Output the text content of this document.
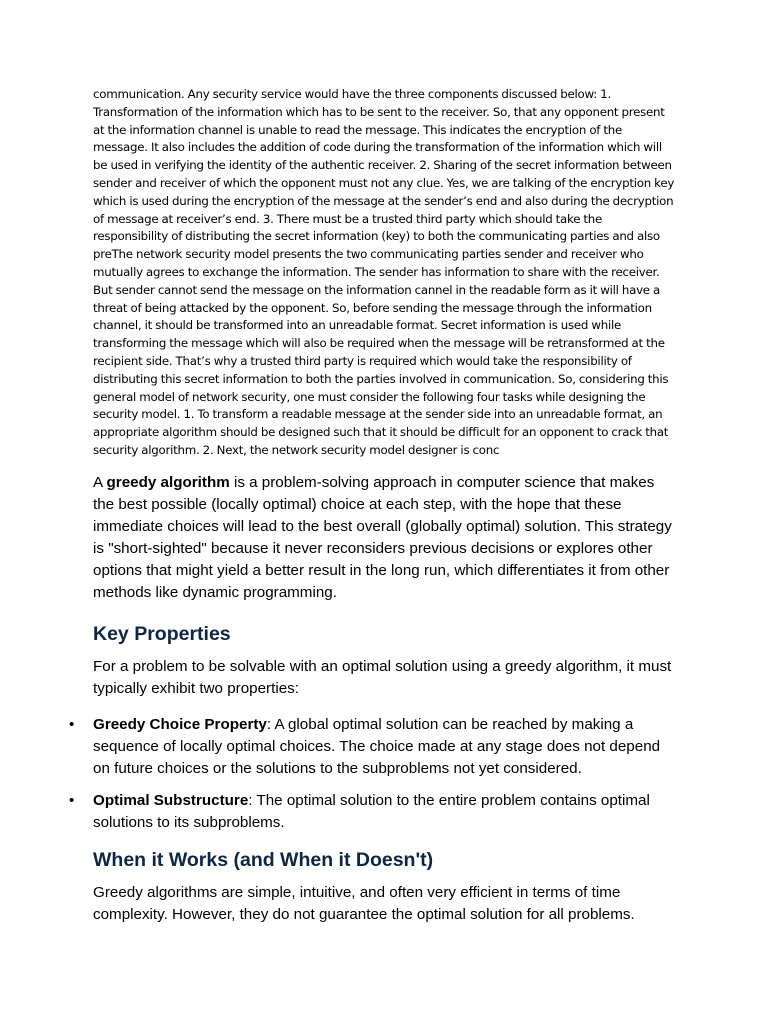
communication. Any security service would have the three components discussed below: 1. Transformation of the information which has to be sent to the receiver. So, that any opponent present at the information channel is unable to read the message. This indicates the encryption of the message. It also includes the addition of code during the transformation of the information which will be used in verifying the identity of the authentic receiver. 2. Sharing of the secret information between sender and receiver of which the opponent must not any clue. Yes, we are talking of the encryption key which is used during the encryption of the message at the sender’s end and also during the decryption of message at receiver’s end. 3. There must be a trusted third party which should take the responsibility of distributing the secret information (key) to both the communicating parties and also preThe network security model presents the two communicating parties sender and receiver who mutually agrees to exchange the information. The sender has information to share with the receiver. But sender cannot send the message on the information cannel in the readable form as it will have a threat of being attacked by the opponent. So, before sending the message through the information channel, it should be transformed into an unreadable format. Secret information is used while transforming the message which will also be required when the message will be retransformed at the recipient side. That’s why a trusted third party is required which would take the responsibility of distributing this secret information to both the parties involved in communication. So, considering this general model of network security, one must consider the following four tasks while designing the security model. 1. To transform a readable message at the sender side into an unreadable format, an appropriate algorithm should be designed such that it should be difficult for an opponent to crack that security algorithm. 2. Next, the network security model designer is conc

A greedy algorithm is a problem-solving approach in computer science that makes the best possible (locally optimal) choice at each step, with the hope that these immediate choices will lead to the best overall (globally optimal) solution. This strategy is "short-sighted" because it never reconsiders previous decisions or explores other options that might yield a better result in the long run, which differentiates it from other methods like dynamic programming.

Key Properties

For a problem to be solvable with an optimal solution using a greedy algorithm, it must typically exhibit two properties:

• Greedy Choice Property: A global optimal solution can be reached by making a sequence of locally optimal choices. The choice made at any stage does not depend on future choices or the solutions to the subproblems not yet considered.
• Optimal Substructure: The optimal solution to the entire problem contains optimal solutions to its subproblems.
When it Works (and When it Doesn't)

Greedy algorithms are simple, intuitive, and often very efficient in terms of time complexity. However, they do not guarantee the optimal solution for all problems.
